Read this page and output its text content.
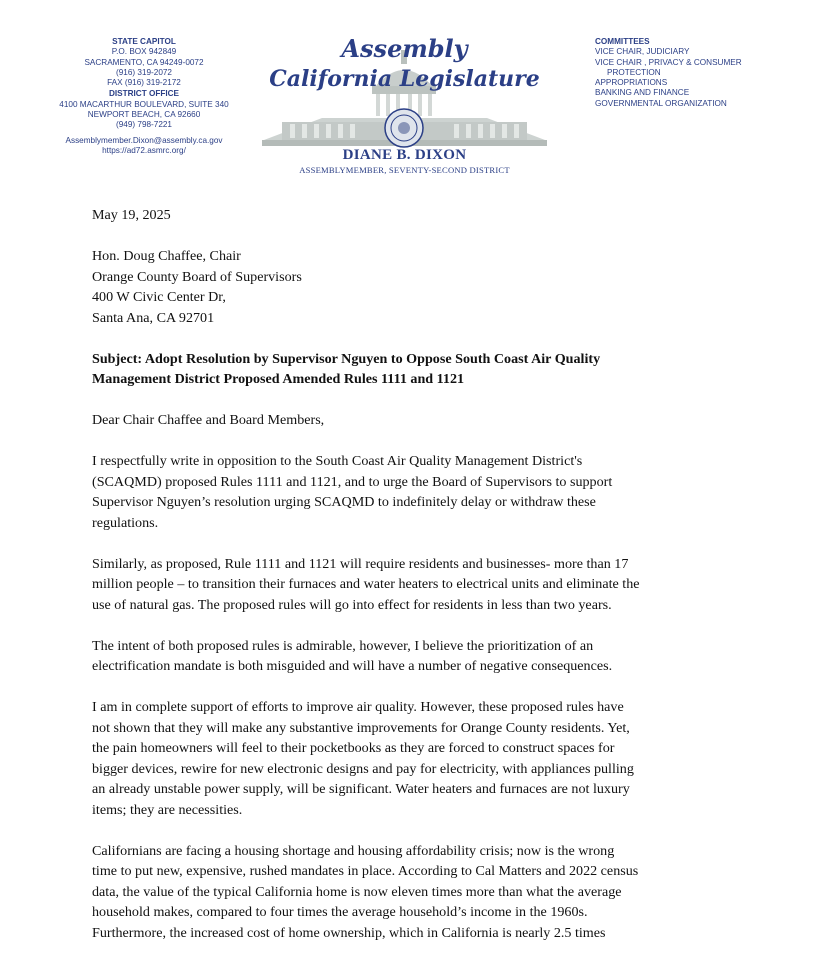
STATE CAPITOL
P.O. BOX 942849
SACRAMENTO, CA 94249-0072
(916) 319-2072
FAX (916) 319-2172
DISTRICT OFFICE
4100 MACARTHUR BOULEVARD, SUITE 340
NEWPORT BEACH, CA 92660
(949) 798-7221
Assemblymember.Dixon@assembly.ca.gov
https://ad72.asmrc.org/
Assembly
California Legislature
DIANE B. DIXON
ASSEMBLYMEMBER, SEVENTY-SECOND DISTRICT
COMMITTEES
VICE CHAIR, JUDICIARY
VICE CHAIR , PRIVACY & CONSUMER
PROTECTION
APPROPRIATIONS
BANKING AND FINANCE
GOVERNMENTAL ORGANIZATION

May 19, 2025

Hon. Doug Chaffee, Chair
Orange County Board of Supervisors
400 W Civic Center Dr,
Santa Ana, CA 92701
Subject: Adopt Resolution by Supervisor Nguyen to Oppose South Coast Air Quality
Management District Proposed Amended Rules 1111 and 1121

Dear Chair Chaffee and Board Members,

I respectfully write in opposition to the South Coast Air Quality Management District's
(SCAQMD) proposed Rules 1111 and 1121, and to urge the Board of Supervisors to support
Supervisor Nguyen’s resolution urging SCAQMD to indefinitely delay or withdraw these
regulations.
Similarly, as proposed, Rule 1111 and 1121 will require residents and businesses- more than 17
million people – to transition their furnaces and water heaters to electrical units and eliminate the
use of natural gas. The proposed rules will go into effect for residents in less than two years.
The intent of both proposed rules is admirable, however, I believe the prioritization of an
electrification mandate is both misguided and will have a number of negative consequences.
I am in complete support of efforts to improve air quality. However, these proposed rules have
not shown that they will make any substantive improvements for Orange County residents. Yet,
the pain homeowners will feel to their pocketbooks as they are forced to construct spaces for
bigger devices, rewire for new electronic designs and pay for electricity, with appliances pulling
an already unstable power supply, will be significant. Water heaters and furnaces are not luxury
items; they are necessities.
Californians are facing a housing shortage and housing affordability crisis; now is the wrong
time to put new, expensive, rushed mandates in place. According to Cal Matters and 2022 census
data, the value of the typical California home is now eleven times more than what the average
household makes, compared to four times the average household’s income in the 1960s.
Furthermore, the increased cost of home ownership, which in California is nearly 2.5 times
